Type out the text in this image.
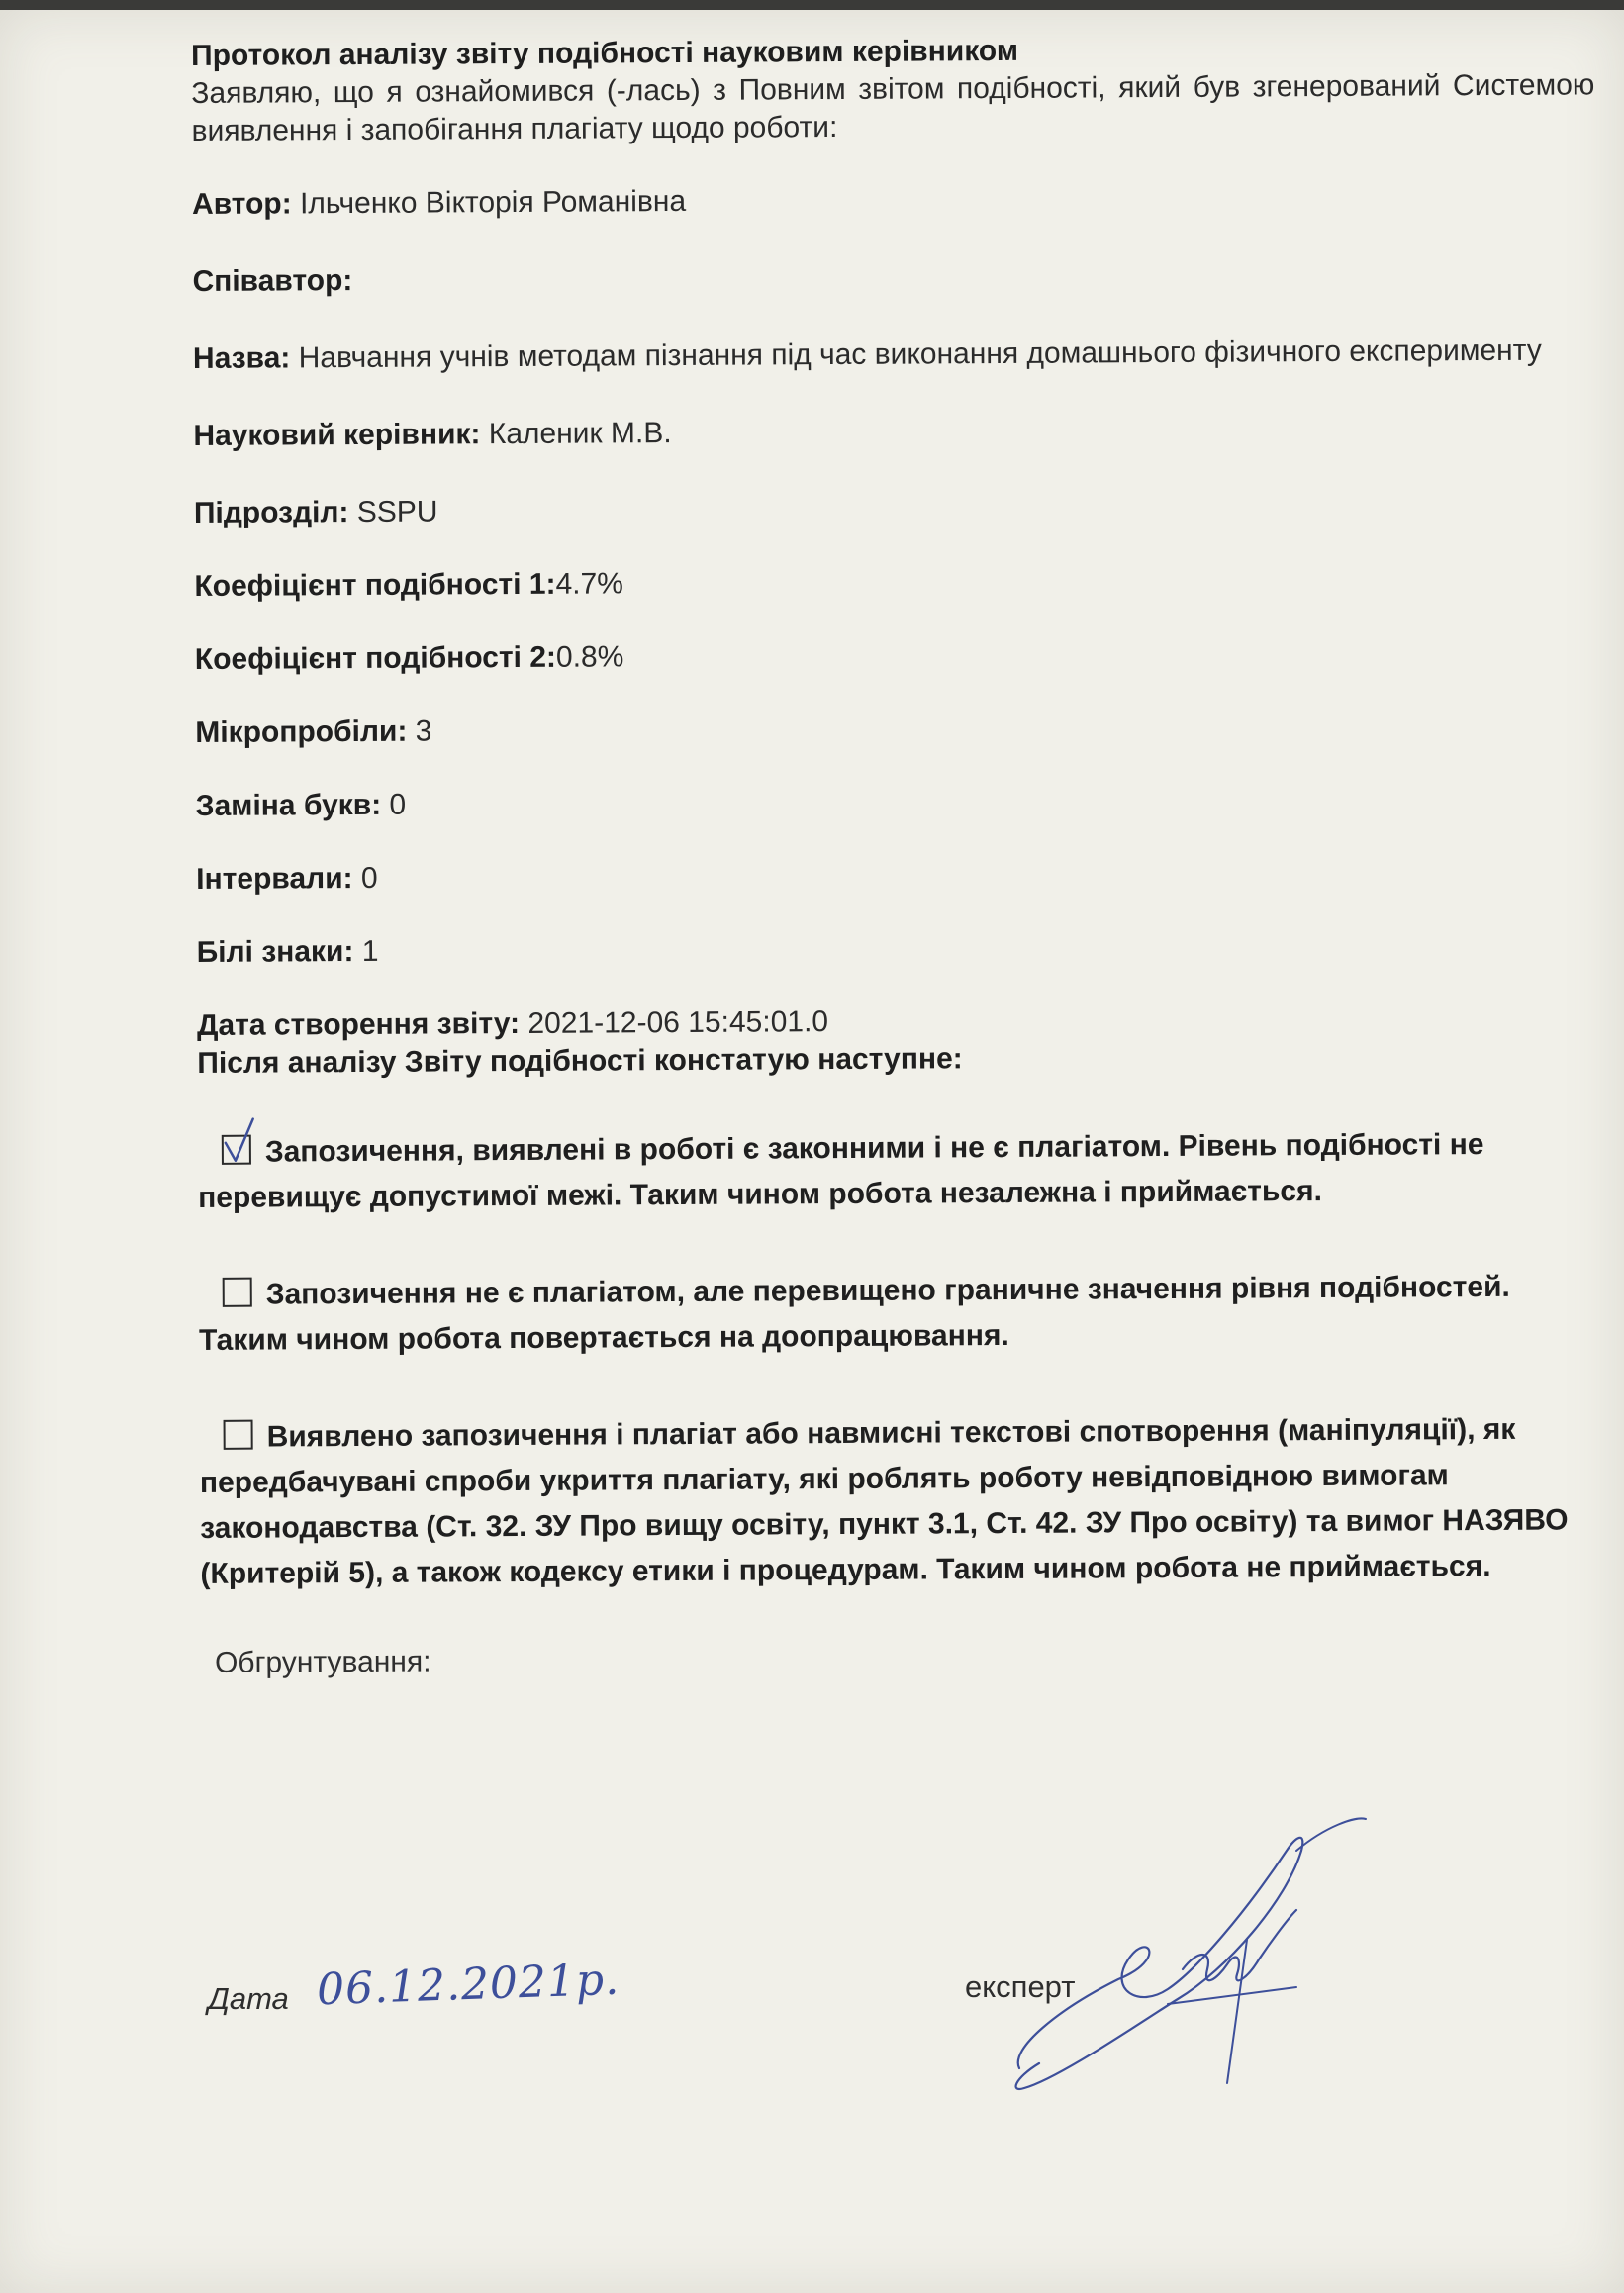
Протокол аналізу звіту подібності науковим керівником

Заявляю, що я ознайомився (-лась) з Повним звітом подібності, який був згенерований Системою виявлення і запобігання плагіату щодо роботи:

Автор: Ільченко Вікторія Романівна
Співавтор:
Назва: Навчання учнів методам пізнання під час виконання домашнього фізичного експерименту
Науковий керівник: Каленик М.В.
Підрозділ: SSPU
Коефіцієнт подібності 1:4.7%
Коефіцієнт подібності 2:0.8%
Мікропробіли: 3
Заміна букв: 0
Інтервали: 0
Білі знаки: 1
Дата створення звіту: 2021-12-06 15:45:01.0
Після аналізу Звіту подібності констатую наступне:
Запозичення, виявлені в роботі є законними і не є плагіатом. Рівень подібності не перевищує допустимої межі. Таким чином робота незалежна і приймається.
Запозичення не є плагіатом, але перевищено граничне значення рівня подібностей. Таким чином робота повертається на доопрацювання.
Виявлено запозичення і плагіат або навмисні текстові спотворення (маніпуляції), як передбачувані спроби укриття плагіату, які роблять роботу невідповідною вимогам законодавства (Ст. 32. ЗУ Про вищу освіту, пункт 3.1, Ст. 42. ЗУ Про освіту) та вимог НАЗЯВО (Критерій 5), а також кодексу етики і процедурам. Таким чином робота не приймається.
Обгрунтування:
Дата 06.12.2021р.	експерт
